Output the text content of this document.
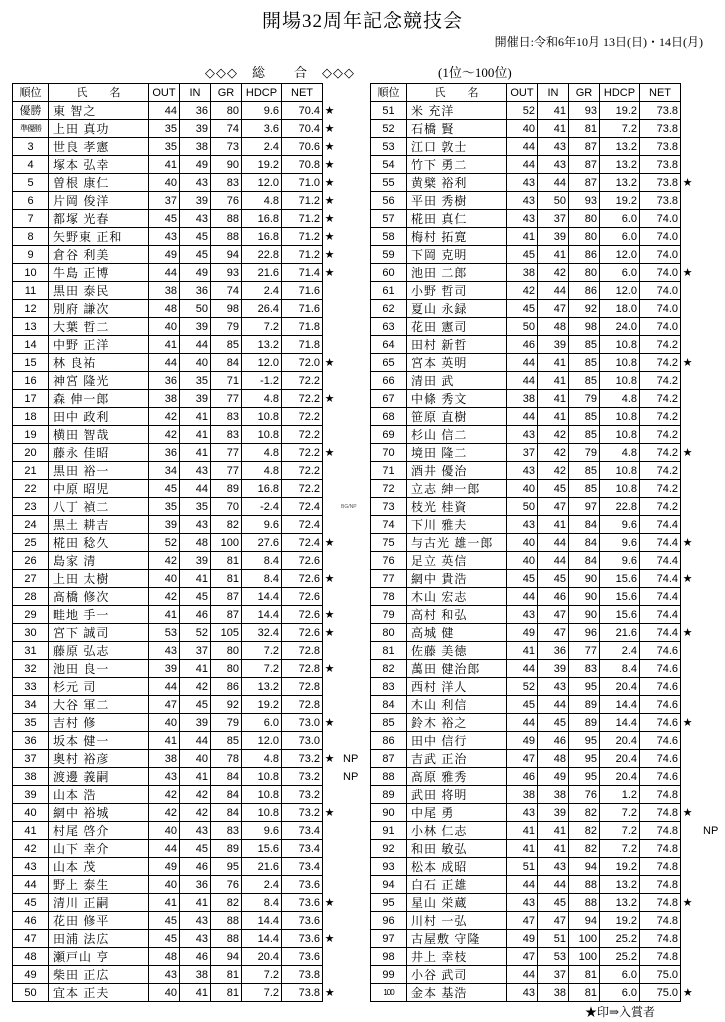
開場32周年記念競技会
開催日:令和6年10月 13日(日)・14日(月)
◇◇◇　総　　合　◇◇◇	(1位～100位)
順位	氏　　名	OUT	IN	GR	HDCP	NET	
優勝	東 智之	44	36	80	9.6	70.4	★
準優勝	上田 真功	35	39	74	3.6	70.4	★
3	世良 孝憲	35	38	73	2.4	70.6	★
4	塚本 弘幸	41	49	90	19.2	70.8	★
5	曽根 康仁	40	43	83	12.0	71.0	★
6	片岡 俊洋	37	39	76	4.8	71.2	★
7	都塚 光春	45	43	88	16.8	71.2	★
8	矢野東 正和	43	45	88	16.8	71.2	★
9	倉谷 利美	49	45	94	22.8	71.2	★
10	牛島 正博	44	49	93	21.6	71.4	★
11	黒田 泰民	38	36	74	2.4	71.6	
12	別府 謙次	48	50	98	26.4	71.6	
13	大葉 哲二	40	39	79	7.2	71.8	
14	中野 正洋	41	44	85	13.2	71.8	
15	林 良祐	44	40	84	12.0	72.0	★
16	神宮 隆光	36	35	71	-1.2	72.2	
17	森 伸一郎	38	39	77	4.8	72.2	★
18	田中 政利	42	41	83	10.8	72.2	
19	横田 智哉	42	41	83	10.8	72.2	
20	藤永 佳昭	36	41	77	4.8	72.2	★
21	黒田 裕一	34	43	77	4.8	72.2	
22	中原 昭児	45	44	89	16.8	72.2	
23	八丁 禎二	35	35	70	-2.4	72.4	
24	黒土 耕吉	39	43	82	9.6	72.4	
25	椛田 稔久	52	48	100	27.6	72.4	★
26	島家 清	42	39	81	8.4	72.6	
27	上田 太樹	40	41	81	8.4	72.6	★
28	髙橋 修次	42	45	87	14.4	72.6	
29	畦地 手一	41	46	87	14.4	72.6	★
30	宮下 誠司	53	52	105	32.4	72.6	★
31	藤原 弘志	43	37	80	7.2	72.8	
32	池田 良一	39	41	80	7.2	72.8	★
33	杉元 司	44	42	86	13.2	72.8	
34	大谷 軍二	47	45	92	19.2	72.8	
35	吉村 修	40	39	79	6.0	73.0	★
36	坂本 健一	41	44	85	12.0	73.0	
37	奥村 裕彦	38	40	78	4.8	73.2	★
38	渡邊 義嗣	43	41	84	10.8	73.2	
39	山本 浩	42	42	84	10.8	73.2	
40	網中 裕城	42	42	84	10.8	73.2	★
41	村尾 啓介	40	43	83	9.6	73.4	
42	山下 幸介	44	45	89	15.6	73.4	
43	山本 茂	49	46	95	21.6	73.4	
44	野上 泰生	40	36	76	2.4	73.6	
45	清川 正嗣	41	41	82	8.4	73.6	★
46	花田 修平	45	43	88	14.4	73.6	
47	田浦 法広	45	43	88	14.4	73.6	★
48	瀬戸山 亨	48	46	94	20.4	73.6	
49	柴田 正広	43	38	81	7.2	73.8	
50	宜本 正夫	40	41	81	7.2	73.8	★
順位	氏　　名	OUT	IN	GR	HDCP	NET	
51	米 充洋	52	41	93	19.2	73.8	
52	石橋 賢	40	41	81	7.2	73.8	
53	江口 敦士	44	43	87	13.2	73.8	
54	竹下 勇二	44	43	87	13.2	73.8	
55	黄檗 裕利	43	44	87	13.2	73.8	★
56	平田 秀樹	43	50	93	19.2	73.8	
57	椛田 真仁	43	37	80	6.0	74.0	
58	梅村 拓寛	41	39	80	6.0	74.0	
59	下岡 克明	45	41	86	12.0	74.0	
60	池田 二郎	38	42	80	6.0	74.0	★
61	小野 哲司	42	44	86	12.0	74.0	
62	夏山 永録	45	47	92	18.0	74.0	
63	花田 憲司	50	48	98	24.0	74.0	
64	田村 新哲	46	39	85	10.8	74.2	
65	宮本 英明	44	41	85	10.8	74.2	★
66	清田 武	44	41	85	10.8	74.2	
67	中條 秀文	38	41	79	4.8	74.2	
68	笹原 直樹	44	41	85	10.8	74.2	
69	杉山 信二	43	42	85	10.8	74.2	
70	境田 隆二	37	42	79	4.8	74.2	★
71	酒井 優治	43	42	85	10.8	74.2	
72	立志 紳一郎	40	45	85	10.8	74.2	
73	枝光 桂資	50	47	97	22.8	74.2	
74	下川 雅夫	43	41	84	9.6	74.4	
75	与古光 雄一郎	40	44	84	9.6	74.4	★
76	足立 英信	40	44	84	9.6	74.4	
77	網中 貴浩	45	45	90	15.6	74.4	★
78	木山 宏志	44	46	90	15.6	74.4	
79	高村 和弘	43	47	90	15.6	74.4	
80	高城 健	49	47	96	21.6	74.4	★
81	佐藤 美徳	41	36	77	2.4	74.6	
82	萬田 健治郎	44	39	83	8.4	74.6	
83	西村 洋人	52	43	95	20.4	74.6	
84	木山 利信	45	44	89	14.4	74.6	
85	鈴木 裕之	44	45	89	14.4	74.6	★
86	田中 信行	49	46	95	20.4	74.6	
87	吉武 正治	47	48	95	20.4	74.6	
88	髙原 雅秀	46	49	95	20.4	74.6	
89	武田 将明	38	38	76	1.2	74.8	
90	中尾 勇	43	39	82	7.2	74.8	★
91	小林 仁志	41	41	82	7.2	74.8	
92	和田 敏弘	41	41	82	7.2	74.8	
93	松本 成昭	51	43	94	19.2	74.8	
94	白石 正雄	44	44	88	13.2	74.8	
95	星山 栄蔵	43	45	88	13.2	74.8	★
96	川村 一弘	47	47	94	19.2	74.8	
97	古屋敷 守隆	49	51	100	25.2	74.8	
98	井上 幸枝	47	53	100	25.2	74.8	
99	小谷 武司	44	37	81	6.0	75.0	
100	金本 基浩	43	38	81	6.0	75.0	★
NP
NP
NP
BG/NP
★印⇒入賞者
